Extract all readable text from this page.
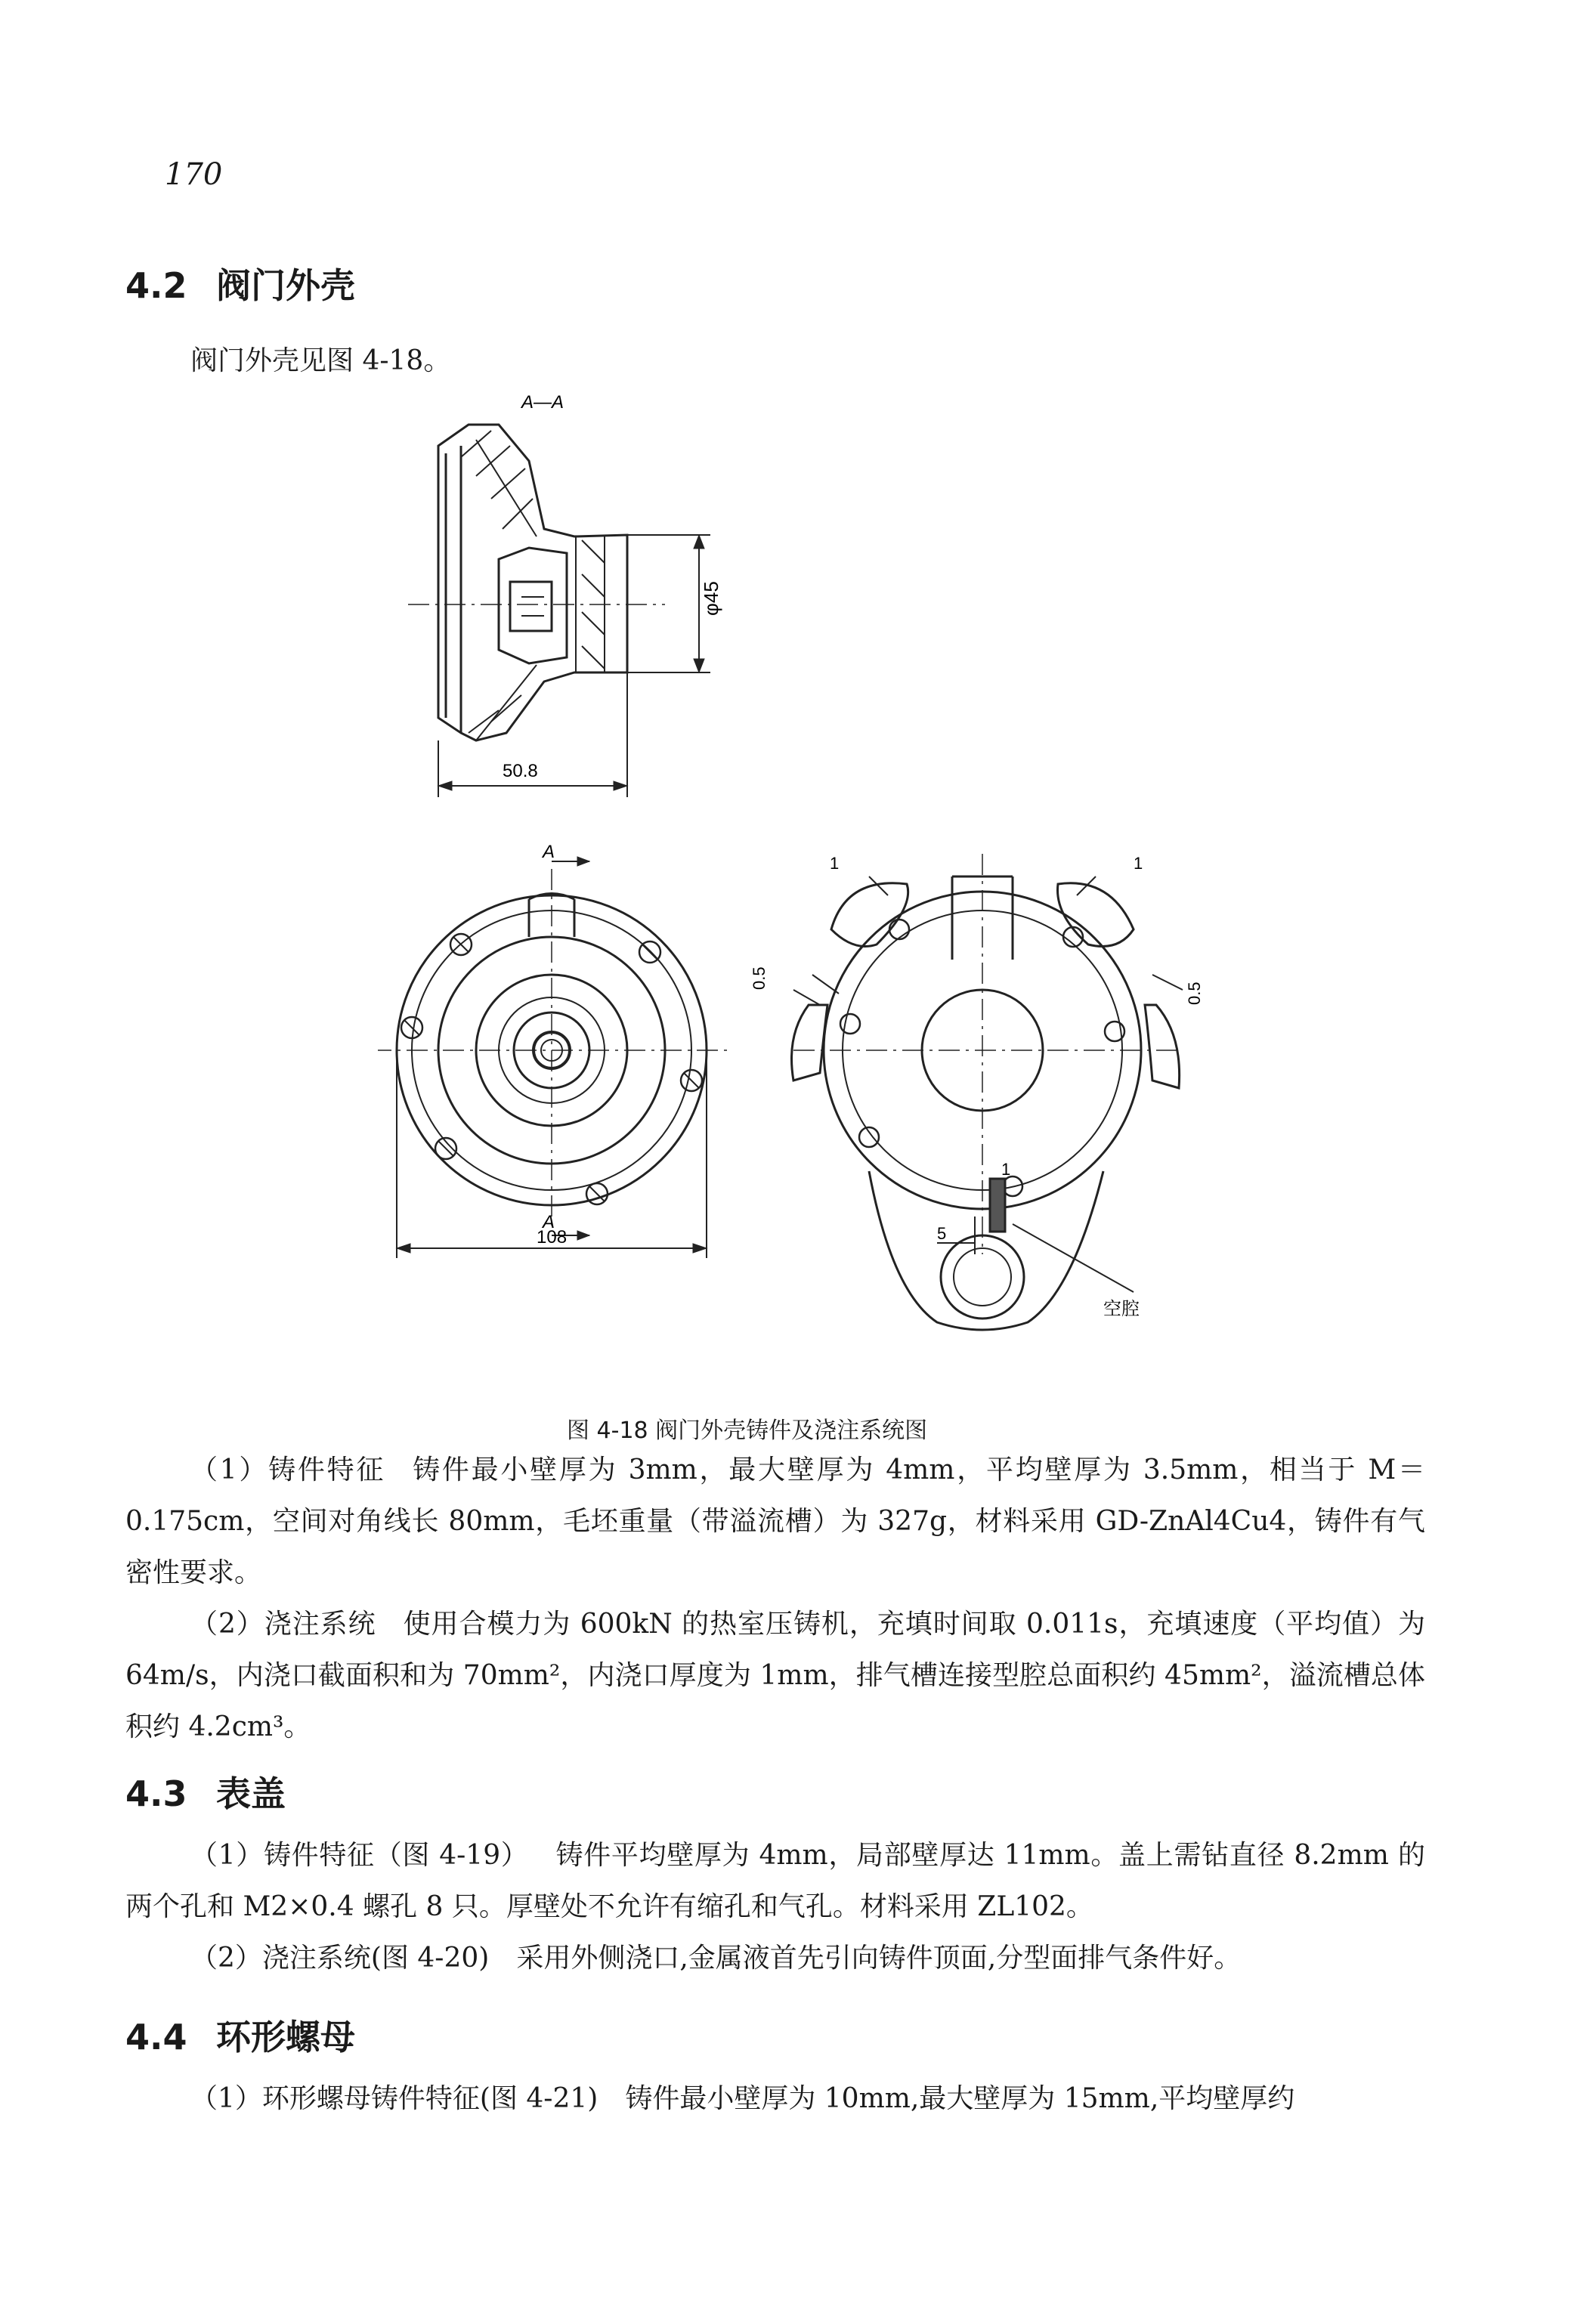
170
4.2 阀门外壳
阀门外壳见图 4-18。
A—A
φ45
50.8
108
A
A
0.5
0.5
1	1
1
5
空腔
图 4-18 阀门外壳铸件及浇注系统图
（1）铸件特征 铸件最小壁厚为 3mm，最大壁厚为 4mm，平均壁厚为 3.5mm，相当于 M＝0.175cm，空间对角线长 80mm，毛坯重量（带溢流槽）为 327g，材料采用 GD-ZnAl4Cu4，铸件有气密性要求。
（2）浇注系统 使用合模力为 600kN 的热室压铸机，充填时间取 0.011s，充填速度（平均值）为 64m/s，内浇口截面积和为 70mm²，内浇口厚度为 1mm，排气槽连接型腔总面积约 45mm²，溢流槽总体积约 4.2cm³。
4.3 表盖
（1）铸件特征（图 4-19） 铸件平均壁厚为 4mm，局部壁厚达 11mm。盖上需钻直径 8.2mm 的两个孔和 M2×0.4 螺孔 8 只。厚壁处不允许有缩孔和气孔。材料采用 ZL102。
（2）浇注系统(图 4-20) 采用外侧浇口,金属液首先引向铸件顶面,分型面排气条件好。
4.4 环形螺母
（1）环形螺母铸件特征(图 4-21) 铸件最小壁厚为 10mm,最大壁厚为 15mm,平均壁厚约
